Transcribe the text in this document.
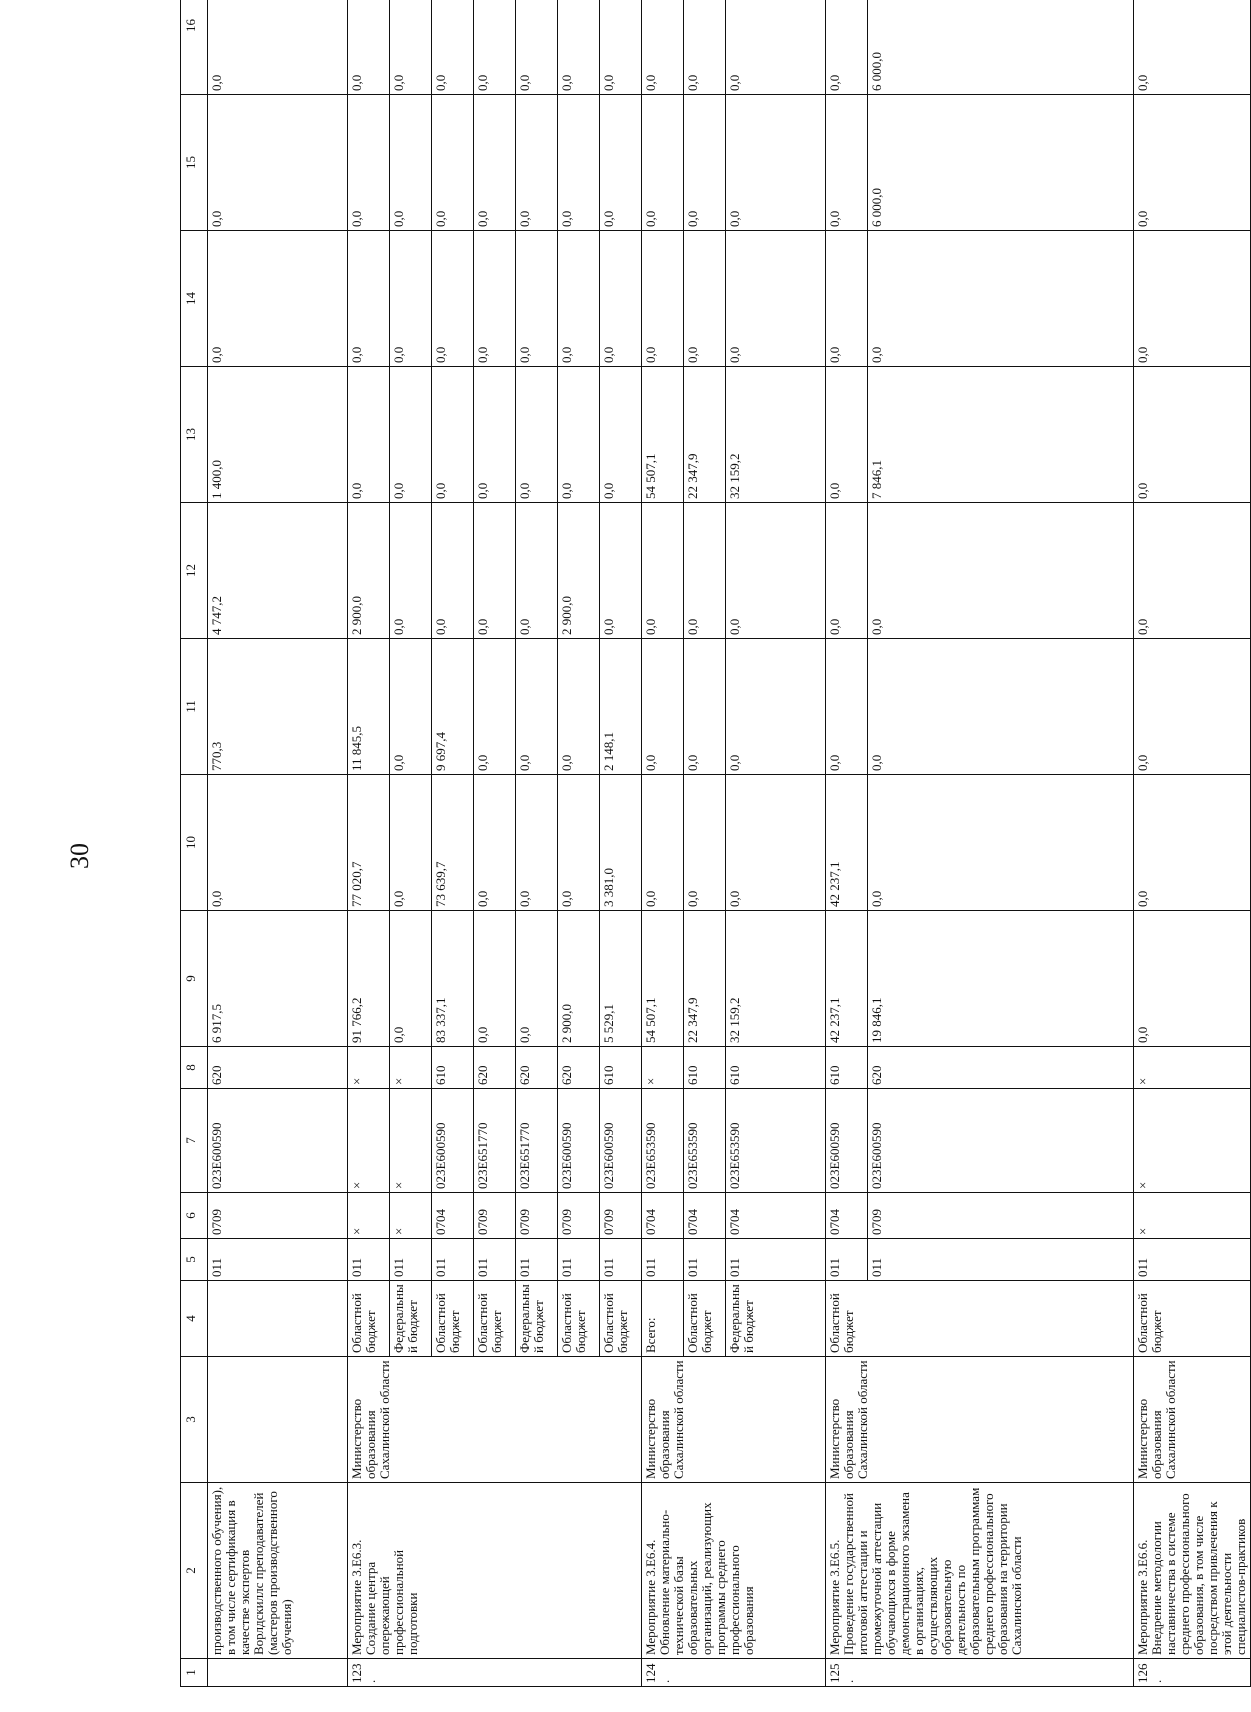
30
1	2	3	4	5	6	7	8	9	10	11	12	13	14	15	16
	производственного обучения), в том числе сертификация в качестве экспертов Ворлдскиллс преподавателей (мастеров производственного обучения)			011	0709	023Е600590	620	6 917,5	0,0	770,3	4 747,2	1 400,0	0,0	0,0	0,0
123.	Мероприятие 3.Е6.3. Создание центра опережающей профессиональной подготовки	Министерство образования Сахалинской области	Областной бюджет	011	×	×	×	91 766,2	77 020,7	11 845,5	2 900,0	0,0	0,0	0,0	0,0
			Федеральный бюджет	011	×	×	×	0,0	0,0	0,0	0,0	0,0	0,0	0,0	0,0
			Областной бюджет	011	0704	023Е600590	610	83 337,1	73 639,7	9 697,4	0,0	0,0	0,0	0,0	0,0
			Областной бюджет	011	0709	023Е651770	620	0,0	0,0	0,0	0,0	0,0	0,0	0,0	0,0
			Федеральный бюджет	011	0709	023Е651770	620	0,0	0,0	0,0	0,0	0,0	0,0	0,0	0,0
			Областной бюджет	011	0709	023Е600590	620	2 900,0	0,0	0,0	2 900,0	0,0	0,0	0,0	0,0
			Областной бюджет	011	0709	023Е600590	610	5 529,1	3 381,0	2 148,1	0,0	0,0	0,0	0,0	0,0
124.	Мероприятие 3.Е6.4. Обновление материально-технической базы образовательных организаций, реализующих программы среднего профессионального образования	Министерство образования Сахалинской области	Всего:	011	0704	023Е653590	×	54 507,1	0,0	0,0	0,0	54 507,1	0,0	0,0	0,0
			Областной бюджет	011	0704	023Е653590	610	22 347,9	0,0	0,0	0,0	22 347,9	0,0	0,0	0,0
			Федеральный бюджет	011	0704	023Е653590	610	32 159,2	0,0	0,0	0,0	32 159,2	0,0	0,0	0,0
125.	Мероприятие 3.Е6.5. Проведение государственной итоговой аттестации и промежуточной аттестации обучающихся в форме демонстрационного экзамена в организациях, осуществляющих образовательную деятельность по образовательным программам среднего профессионального образования на территории Сахалинской области	Министерство образования Сахалинской области	Областной бюджет	011	0704	023Е600590	610	42 237,1	42 237,1	0,0	0,0	0,0	0,0	0,0	0,0
				011	0709	023Е600590	620	19 846,1	0,0	0,0	0,0	7 846,1	0,0	6 000,0	6 000,0
126.	Мероприятие 3.Е6.6. Внедрение методологии наставничества в системе среднего профессионального образования, в том числе посредством привлечения к этой деятельности специалистов-практиков	Министерство образования Сахалинской области	Областной бюджет	011	×	×	×	0,0	0,0	0,0	0,0	0,0	0,0	0,0	0,0
